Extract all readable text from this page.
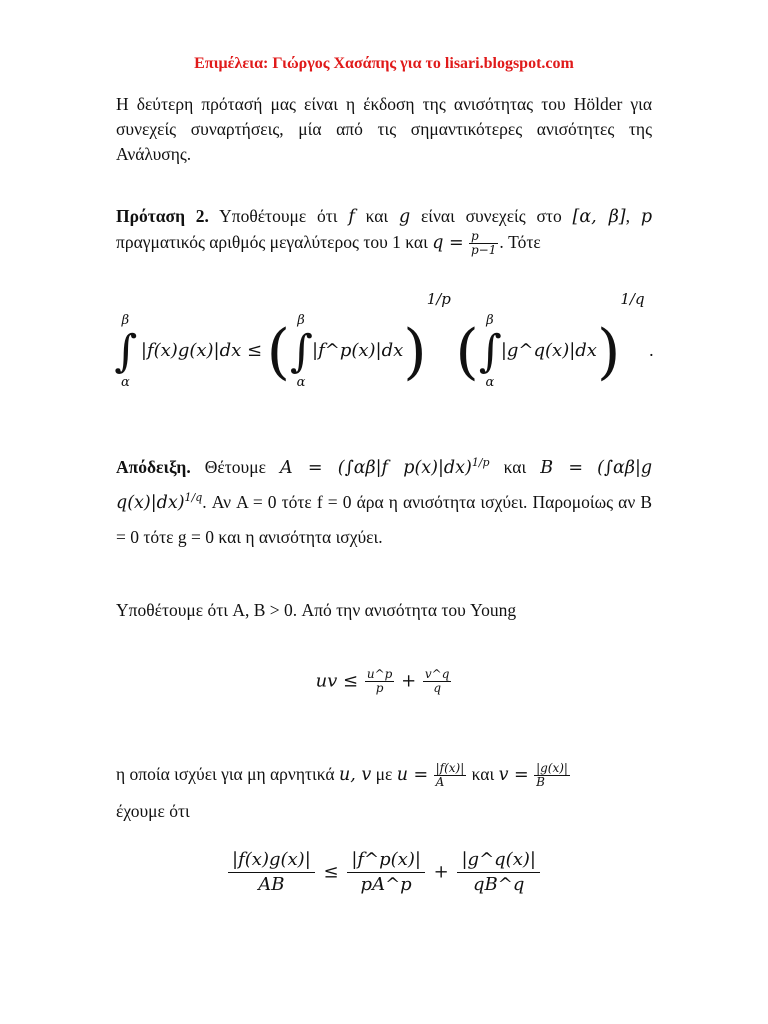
Επιμέλεια: Γιώργος Χασάπης για το lisari.blogspot.com
Η δεύτερη πρότασή μας είναι η έκδοση της ανισότητας του Hölder για συνεχείς συναρτήσεις, μία από τις σημαντικότερες ανισότητες της Ανάλυσης.
Πρόταση 2. Υποθέτουμε ότι f και g είναι συνεχείς στο [α, β], p πραγματικός αριθμός μεγαλύτερος του 1 και $q = \frac{p}{p-1}$ . Τότε
β
∫
α |f(x)g(x)|dx ≤ ( β
∫
α|f^p(x)|dx)$^{1/p}$ ( β
∫
α|g^q(x)|dx)$^{1/q}$ .
Απόδειξη. Θέτουμε A = (∫αβ|f p(x)|dx)$^{1/p}$ και B = (∫αβ|g q(x)|dx)$^{1/q}$. Αν A = 0 τότε f = 0 άρα η ανισότητα ισχύει. Παρομοίως αν B = 0 τότε g = 0 και η ανισότητα ισχύει.
Υποθέτουμε ότι A, B > 0. Από την ανισότητα του Young
uv ≤ $\frac{u\^{}p}{p} + \frac{v\^{}q}{q}$
η οποία ισχύει για μη αρνητικά u, v με $u = \frac{|f(x)|}{A}$ και $v = \frac{|g(x)|}{B}$

έχουμε ότι
$\frac{|f(x)g(x)|}{AB} \le \frac{|f\^{}p(x)|}{pA\^{}p} + \frac{|g\^{}q(x)|}{qB\^{}q}$
